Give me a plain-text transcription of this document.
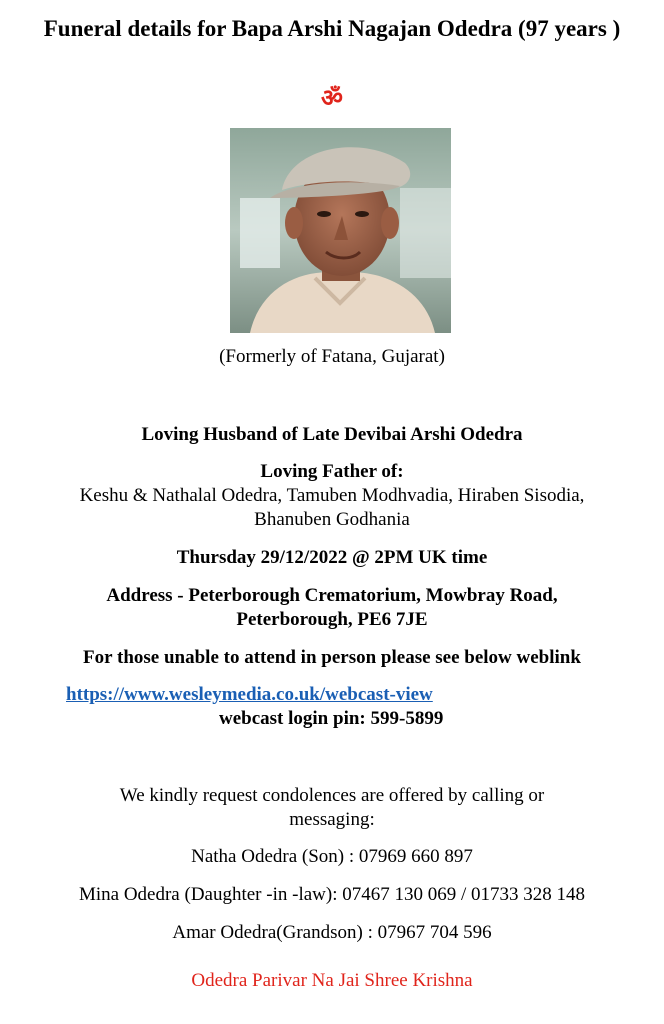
Funeral details for Bapa Arshi Nagajan Odedra (97 years )
ॐ
(Formerly of Fatana, Gujarat)
Loving Husband of Late Devibai Arshi Odedra
Loving Father of:
Keshu & Nathalal Odedra, Tamuben Modhvadia, Hiraben Sisodia,
Bhanuben Godhania
Thursday 29/12/2022 @ 2PM UK time
Address - Peterborough Crematorium, Mowbray Road,
Peterborough, PE6 7JE
For those unable to attend in person please see below weblink
https://www.wesleymedia.co.uk/webcast-view
webcast login pin: 599-5899
We kindly request condolences are offered by calling or
messaging:
Natha Odedra (Son) : 07969 660 897
Mina Odedra (Daughter -in -law): 07467 130 069 / 01733 328 148
Amar Odedra(Grandson) : 07967 704 596
Odedra Parivar Na Jai Shree Krishna
